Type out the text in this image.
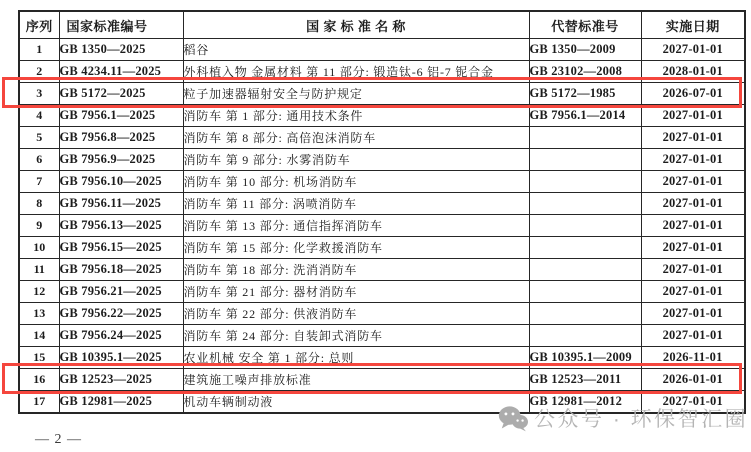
序列	国家标准编号	国 家 标 准 名 称	代替标准号	实施日期
1	GB 1350—2025	稻谷	GB 1350—2009	2027-01-01
2	GB 4234.11—2025	外科植入物 金属材料 第 11 部分: 锻造钛-6 铝-7 铌合金	GB 23102—2008	2028-01-01
3	GB 5172—2025	粒子加速器辐射安全与防护规定	GB 5172—1985	2026-07-01
4	GB 7956.1—2025	消防车 第 1 部分: 通用技术条件	GB 7956.1—2014	2027-01-01
5	GB 7956.8—2025	消防车 第 8 部分: 高倍泡沫消防车		2027-01-01
6	GB 7956.9—2025	消防车 第 9 部分: 水雾消防车		2027-01-01
7	GB 7956.10—2025	消防车 第 10 部分: 机场消防车		2027-01-01
8	GB 7956.11—2025	消防车 第 11 部分: 涡喷消防车		2027-01-01
9	GB 7956.13—2025	消防车 第 13 部分: 通信指挥消防车		2027-01-01
10	GB 7956.15—2025	消防车 第 15 部分: 化学救援消防车		2027-01-01
11	GB 7956.18—2025	消防车 第 18 部分: 洗消消防车		2027-01-01
12	GB 7956.21—2025	消防车 第 21 部分: 器材消防车		2027-01-01
13	GB 7956.22—2025	消防车 第 22 部分: 供液消防车		2027-01-01
14	GB 7956.24—2025	消防车 第 24 部分: 自装卸式消防车		2027-01-01
15	GB 10395.1—2025	农业机械 安全 第 1 部分: 总则	GB 10395.1—2009	2026-11-01
16	GB 12523—2025	建筑施工噪声排放标准	GB 12523—2011	2026-01-01
17	GB 12981—2025	机动车辆制动液	GB 12981—2012	2027-01-01
— 2 —
公众号 · 环保智汇圈
